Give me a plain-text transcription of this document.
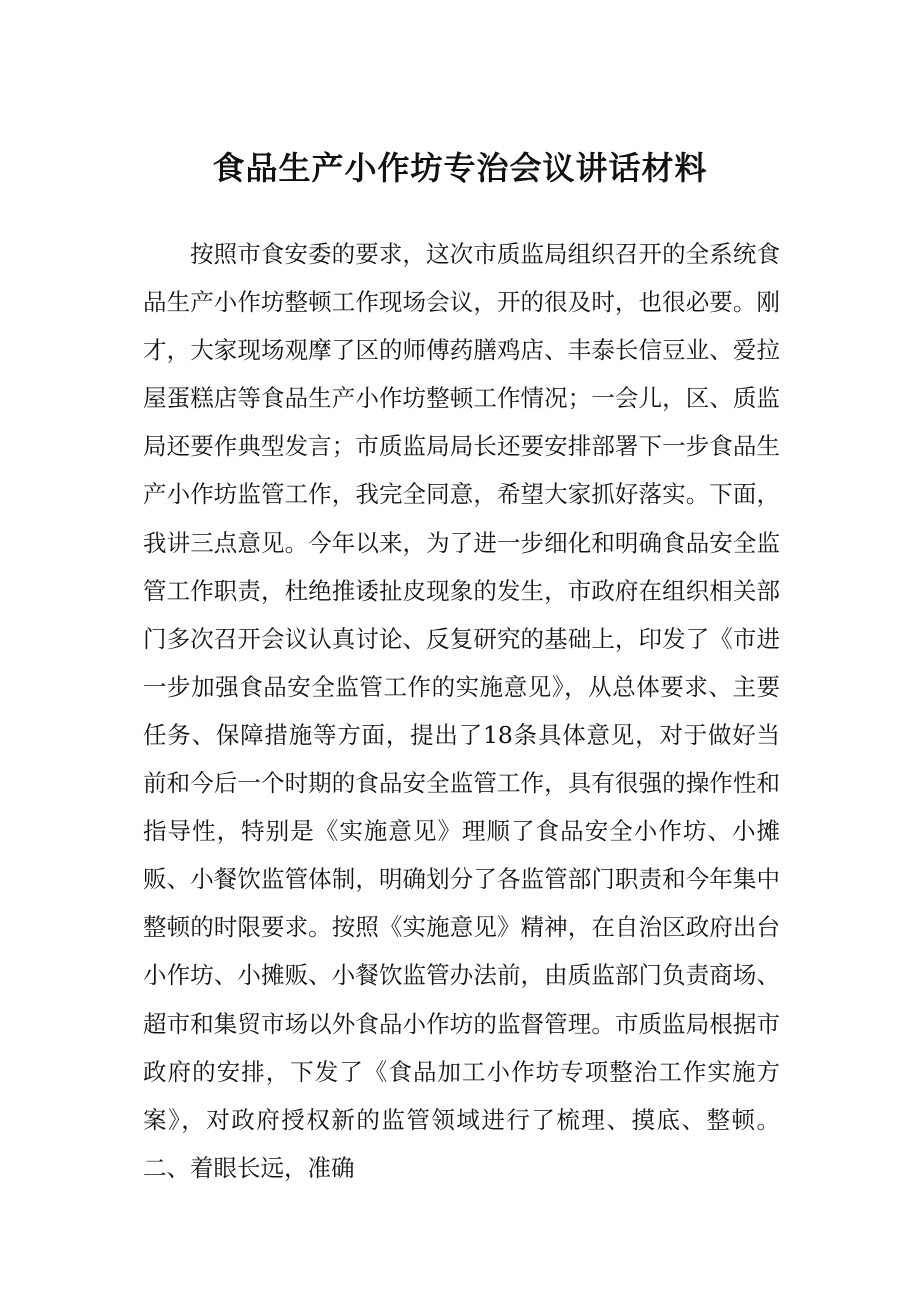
食品生产小作坊专治会议讲话材料

按照市食安委的要求，这次市质监局组织召开的全系统食品生产小作坊整顿工作现场会议，开的很及时，也很必要。刚才，大家现场观摩了区的师傅药膳鸡店、丰泰长信豆业、爱拉屋蛋糕店等食品生产小作坊整顿工作情况；一会儿，区、质监局还要作典型发言；市质监局局长还要安排部署下一步食品生产小作坊监管工作，我完全同意，希望大家抓好落实。下面，我讲三点意见。今年以来，为了进一步细化和明确食品安全监管工作职责，杜绝推诿扯皮现象的发生，市政府在组织相关部门多次召开会议认真讨论、反复研究的基础上，印发了《市进一步加强食品安全监管工作的实施意见》，从总体要求、主要任务、保障措施等方面，提出了18条具体意见，对于做好当前和今后一个时期的食品安全监管工作，具有很强的操作性和指导性，特别是《实施意见》理顺了食品安全小作坊、小摊贩、小餐饮监管体制，明确划分了各监管部门职责和今年集中整顿的时限要求。按照《实施意见》精神，在自治区政府出台小作坊、小摊贩、小餐饮监管办法前，由质监部门负责商场、超市和集贸市场以外食品小作坊的监督管理。市质监局根据市政府的安排，下发了《食品加工小作坊专项整治工作实施方案》，对政府授权新的监管领域进行了梳理、摸底、整顿。二、着眼长远，准确
